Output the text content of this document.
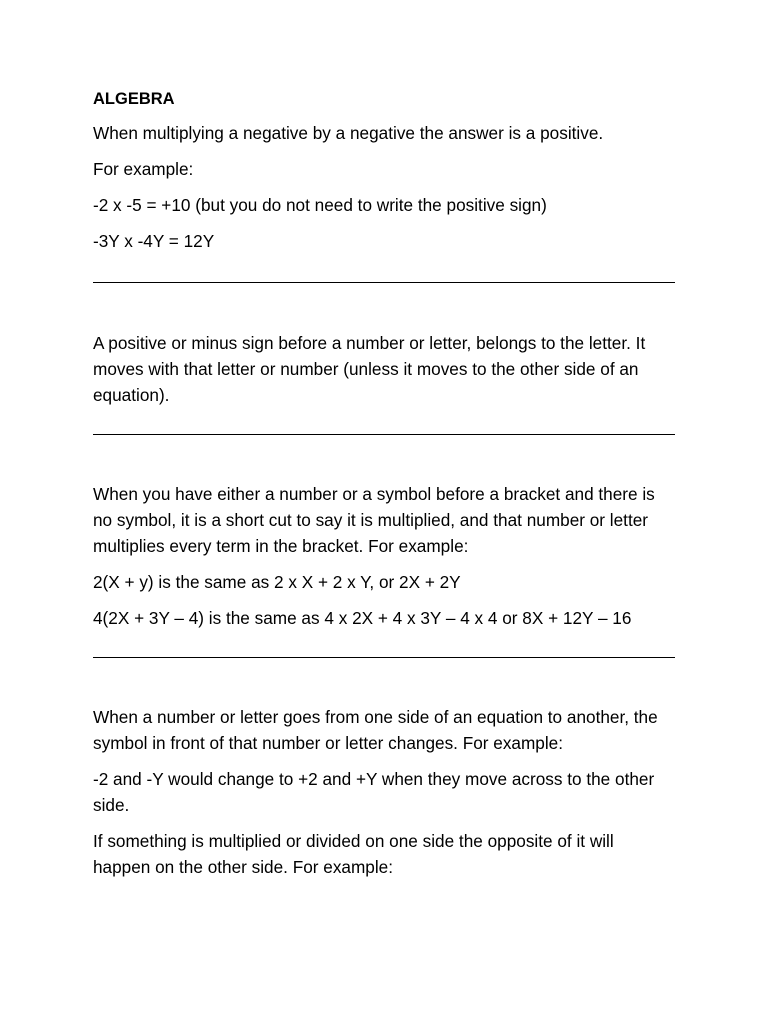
ALGEBRA
When multiplying a negative by a negative the answer is a positive.
For example:
-2 x -5 = +10 (but you do not need to write the positive sign)
-3Y x -4Y = 12Y
A positive or minus sign before a number or letter, belongs to the letter. It moves with that letter or number (unless it moves to the other side of an equation).
When you have either a number or a symbol before a bracket and there is no symbol, it is a short cut to say it is multiplied, and that number or letter multiplies every term in the bracket. For example:
2(X + y) is the same as 2 x X + 2 x Y, or 2X + 2Y
4(2X + 3Y – 4) is the same as 4 x 2X + 4 x 3Y – 4 x 4 or 8X + 12Y – 16
When a number or letter goes from one side of an equation to another, the symbol in front of that number or letter changes. For example:
-2 and -Y would change to +2 and +Y when they move across to the other side.
If something is multiplied or divided on one side the opposite of it will happen on the other side. For example:
